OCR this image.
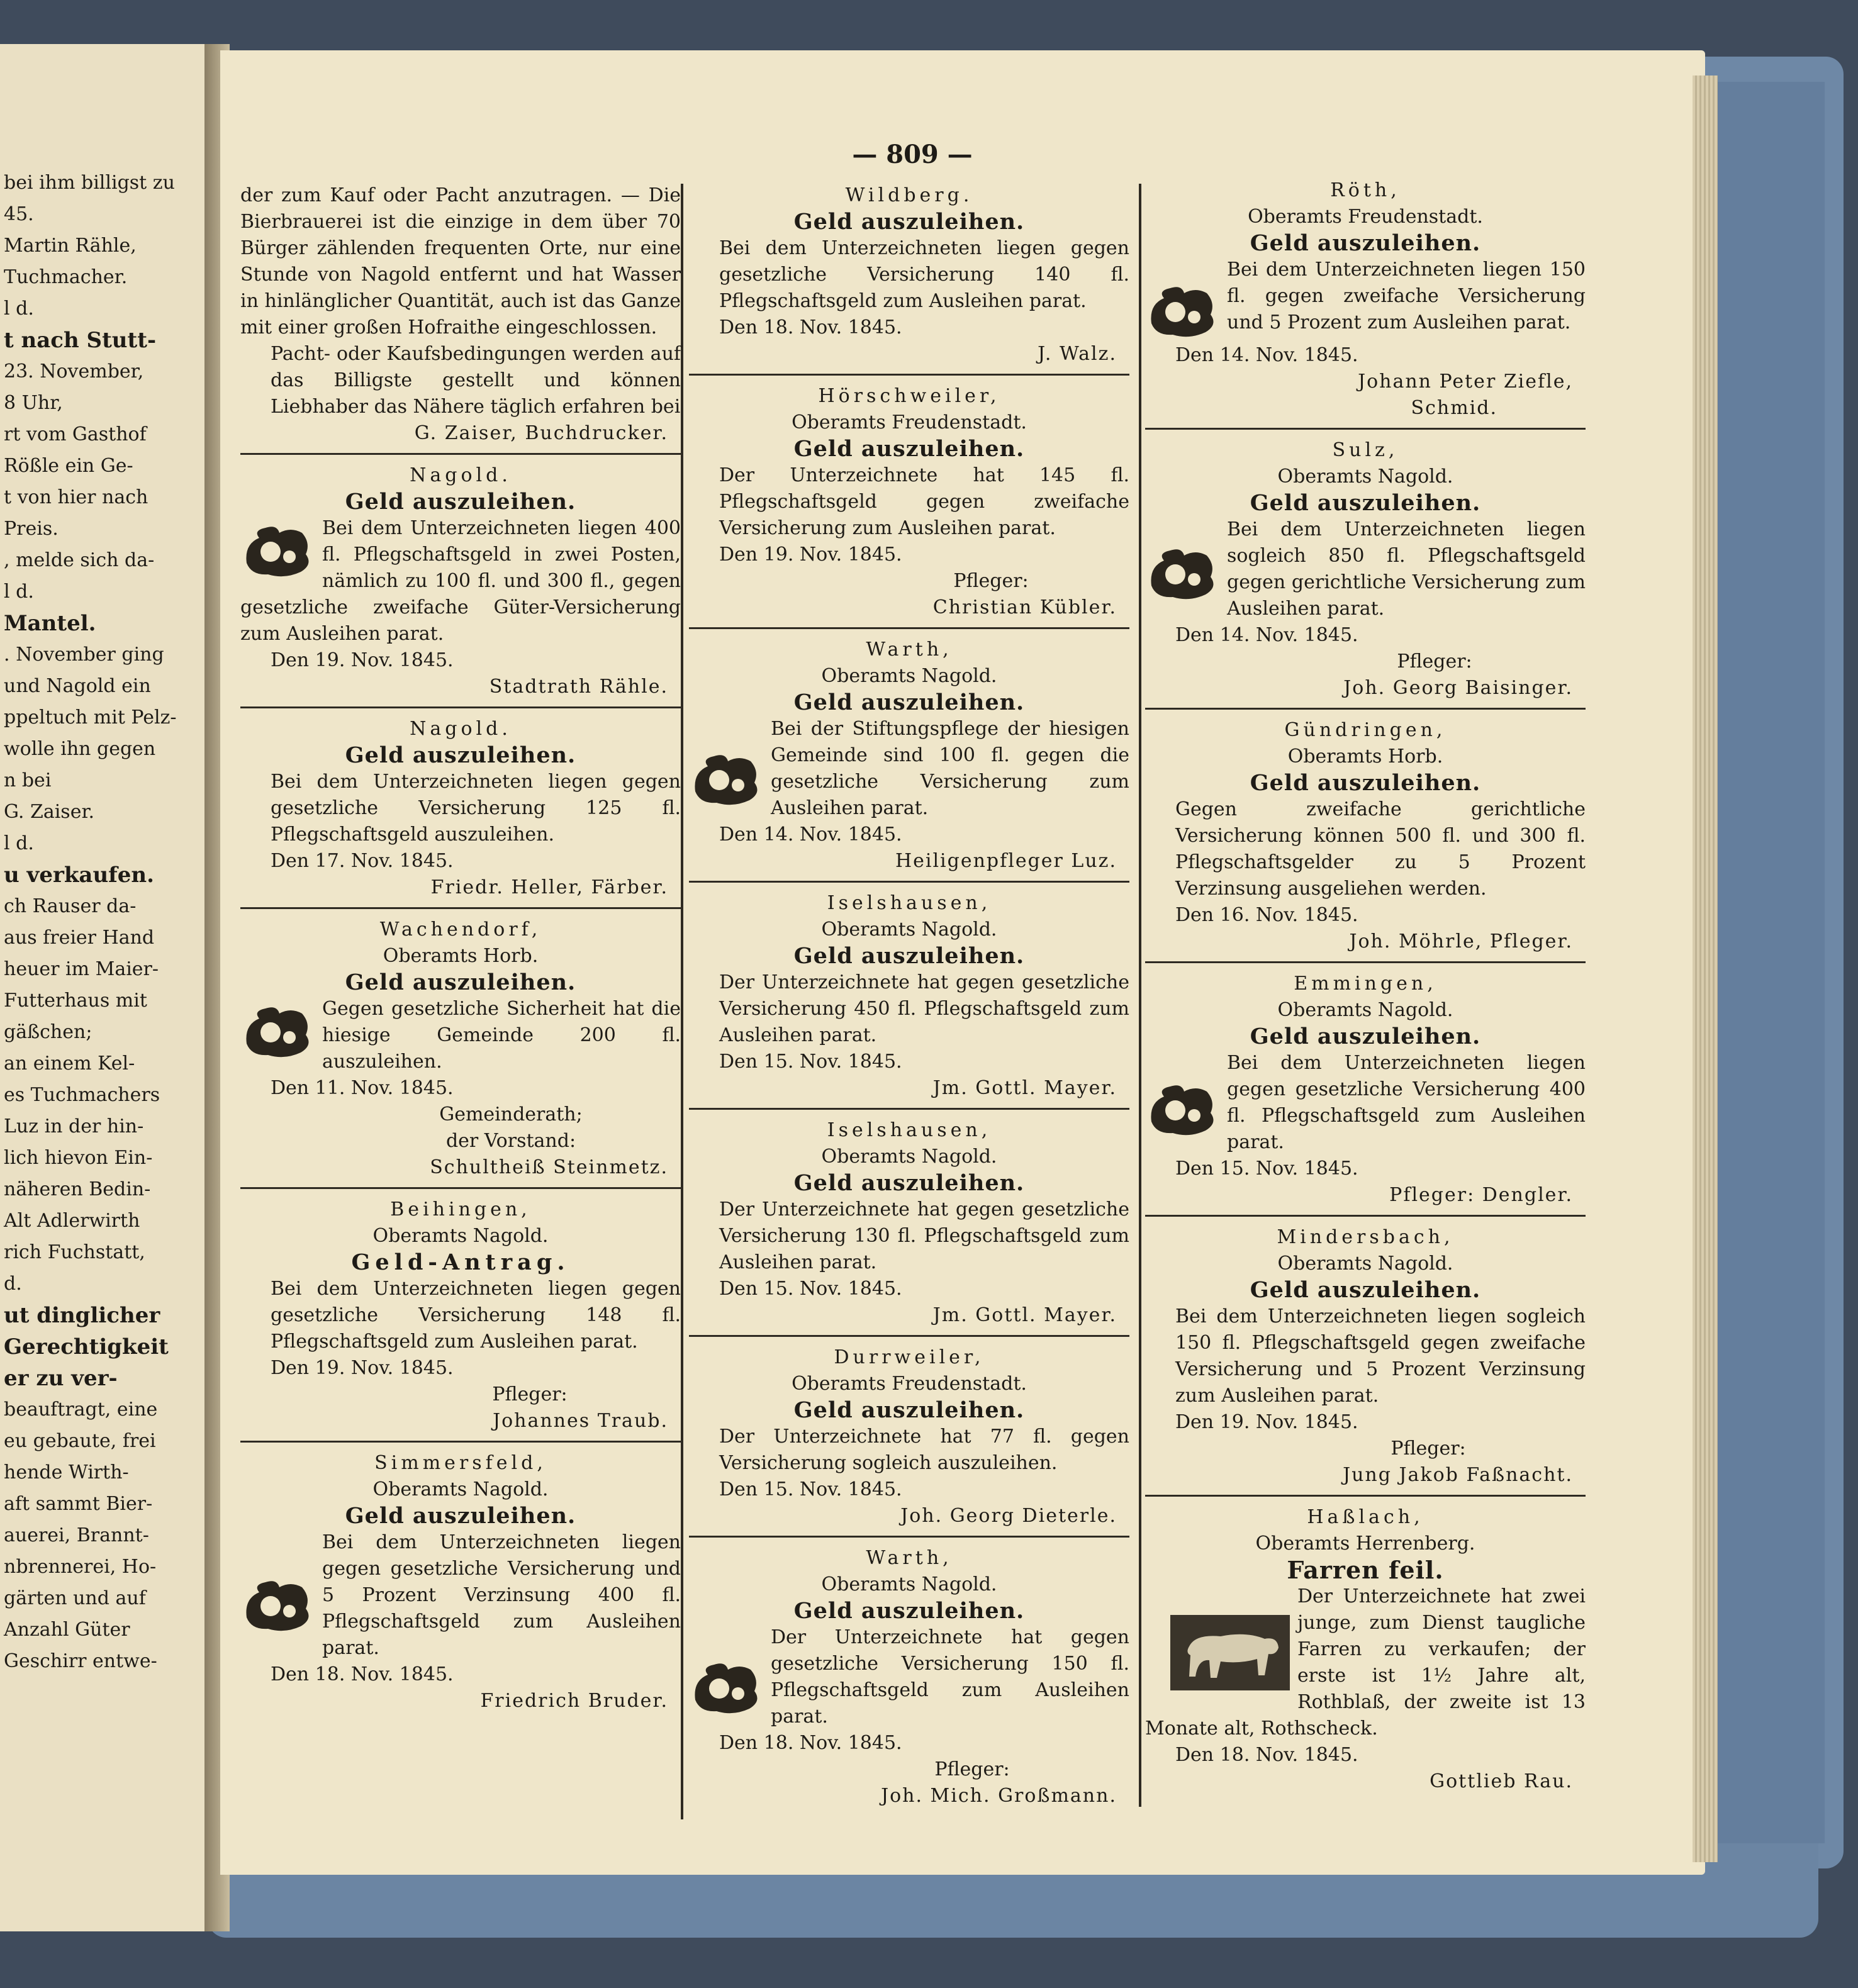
bei ihm billigst zu
45.
Martin Rähle,
Tuchmacher.
l d.
t nach Stutt-
23. November,
8 Uhr,
rt vom Gasthof
Rößle ein Ge-
t von hier nach
Preis.
, melde sich da-
l d.
Mantel.
. November ging
und Nagold ein
ppeltuch mit Pelz-
wolle ihn gegen
n bei
G. Zaiser.
l d.
u verkaufen.
ch Rauser da-
aus freier Hand
heuer im Maier-
Futterhaus mit
gäßchen;
an einem Kel-
es Tuchmachers
Luz in der hin-
lich hievon Ein-
näheren Bedin-
Alt Adlerwirth
rich Fuchstatt,
d.
ut dinglicher
Gerechtigkeit
er zu ver-
beauftragt, eine
eu gebaute, frei
hende Wirth-
aft sammt Bier-
auerei, Brannt-
nbrennerei, Ho-
gärten und auf
Anzahl Güter
Geschirr entwe-
— 809 —

der zum Kauf oder Pacht anzutragen. — Die Bierbrauerei ist die einzige in dem über 70 Bürger zählenden frequenten Orte, nur eine Stunde von Nagold entfernt und hat Wasser in hinlänglicher Quantität, auch ist das Ganze mit einer großen Hofraithe eingeschlossen.

Pacht- oder Kaufsbedingungen werden auf das Billigste gestellt und können Liebhaber das Nähere täglich erfahren bei

G. Zaiser, Buchdrucker.

Nagold.

Geld auszuleihen.

Bei dem Unterzeichneten liegen 400 fl. Pflegschaftsgeld in zwei Posten, nämlich zu 100 fl. und 300 fl., gegen gesetzliche zweifache Güter-Versicherung zum Ausleihen parat.

Den 19. Nov. 1845.

Stadtrath Rähle.

Nagold.

Geld auszuleihen.

Bei dem Unterzeichneten liegen gegen gesetzliche Versicherung 125 fl. Pflegschaftsgeld auszuleihen.

Den 17. Nov. 1845.

Friedr. Heller, Färber.

Wachendorf,

Oberamts Horb.

Geld auszuleihen.

Gegen gesetzliche Sicherheit hat die hiesige Gemeinde 200 fl. auszuleihen.

Den 11. Nov. 1845.

Gemeinderath;

der Vorstand:

Schultheiß Steinmetz.

Beihingen,

Oberamts Nagold.

Geld-Antrag.

Bei dem Unterzeichneten liegen gegen gesetzliche Versicherung 148 fl. Pflegschaftsgeld zum Ausleihen parat.

Den 19. Nov. 1845.

Pfleger:

Johannes Traub.

Simmersfeld,

Oberamts Nagold.

Geld auszuleihen.

Bei dem Unterzeichneten liegen gegen gesetzliche Versicherung und 5 Prozent Verzinsung 400 fl. Pflegschaftsgeld zum Ausleihen parat.

Den 18. Nov. 1845.

Friedrich Bruder.

Wildberg.

Geld auszuleihen.

Bei dem Unterzeichneten liegen gegen gesetzliche Versicherung 140 fl. Pflegschaftsgeld zum Ausleihen parat.

Den 18. Nov. 1845.

J. Walz.

Hörschweiler,

Oberamts Freudenstadt.

Geld auszuleihen.

Der Unterzeichnete hat 145 fl. Pflegschaftsgeld gegen zweifache Versicherung zum Ausleihen parat.

Den 19. Nov. 1845.

Pfleger:

Christian Kübler.

Warth,

Oberamts Nagold.

Geld auszuleihen.

Bei der Stiftungspflege der hiesigen Gemeinde sind 100 fl. gegen die gesetzliche Versicherung zum Ausleihen parat.

Den 14. Nov. 1845.

Heiligenpfleger Luz.

Iselshausen,

Oberamts Nagold.

Geld auszuleihen.

Der Unterzeichnete hat gegen gesetzliche Versicherung 450 fl. Pflegschaftsgeld zum Ausleihen parat.

Den 15. Nov. 1845.

Jm. Gottl. Mayer.

Iselshausen,

Oberamts Nagold.

Geld auszuleihen.

Der Unterzeichnete hat gegen gesetzliche Versicherung 130 fl. Pflegschaftsgeld zum Ausleihen parat.

Den 15. Nov. 1845.

Jm. Gottl. Mayer.

Durrweiler,

Oberamts Freudenstadt.

Geld auszuleihen.

Der Unterzeichnete hat 77 fl. gegen Versicherung sogleich auszuleihen.

Den 15. Nov. 1845.

Joh. Georg Dieterle.

Warth,

Oberamts Nagold.

Geld auszuleihen.

Der Unterzeichnete hat gegen gesetzliche Versicherung 150 fl. Pflegschaftsgeld zum Ausleihen parat.

Den 18. Nov. 1845.

Pfleger:

Joh. Mich. Großmann.

Röth,

Oberamts Freudenstadt.

Geld auszuleihen.

Bei dem Unterzeichneten liegen 150 fl. gegen zweifache Versicherung und 5 Prozent zum Ausleihen parat.

Den 14. Nov. 1845.

Johann Peter Ziefle,

Schmid.

Sulz,

Oberamts Nagold.

Geld auszuleihen.

Bei dem Unterzeichneten liegen sogleich 850 fl. Pflegschaftsgeld gegen gerichtliche Versicherung zum Ausleihen parat.

Den 14. Nov. 1845.

Pfleger:

Joh. Georg Baisinger.

Gündringen,

Oberamts Horb.

Geld auszuleihen.

Gegen zweifache gerichtliche Versicherung können 500 fl. und 300 fl. Pflegschaftsgelder zu 5 Prozent Verzinsung ausgeliehen werden.

Den 16. Nov. 1845.

Joh. Möhrle, Pfleger.

Emmingen,

Oberamts Nagold.

Geld auszuleihen.

Bei dem Unterzeichneten liegen gegen gesetzliche Versicherung 400 fl. Pflegschaftsgeld zum Ausleihen parat.

Den 15. Nov. 1845.

Pfleger: Dengler.

Mindersbach,

Oberamts Nagold.

Geld auszuleihen.

Bei dem Unterzeichneten liegen sogleich 150 fl. Pflegschaftsgeld gegen zweifache Versicherung und 5 Prozent Verzinsung zum Ausleihen parat.

Den 19. Nov. 1845.

Pfleger:

Jung Jakob Faßnacht.

Haßlach,

Oberamts Herrenberg.

Farren feil.

Der Unterzeichnete hat zwei junge, zum Dienst taugliche Farren zu verkaufen; der erste ist 1½ Jahre alt, Rothblaß, der zweite ist 13 Monate alt, Rothscheck.

Den 18. Nov. 1845.

Gottlieb Rau.
